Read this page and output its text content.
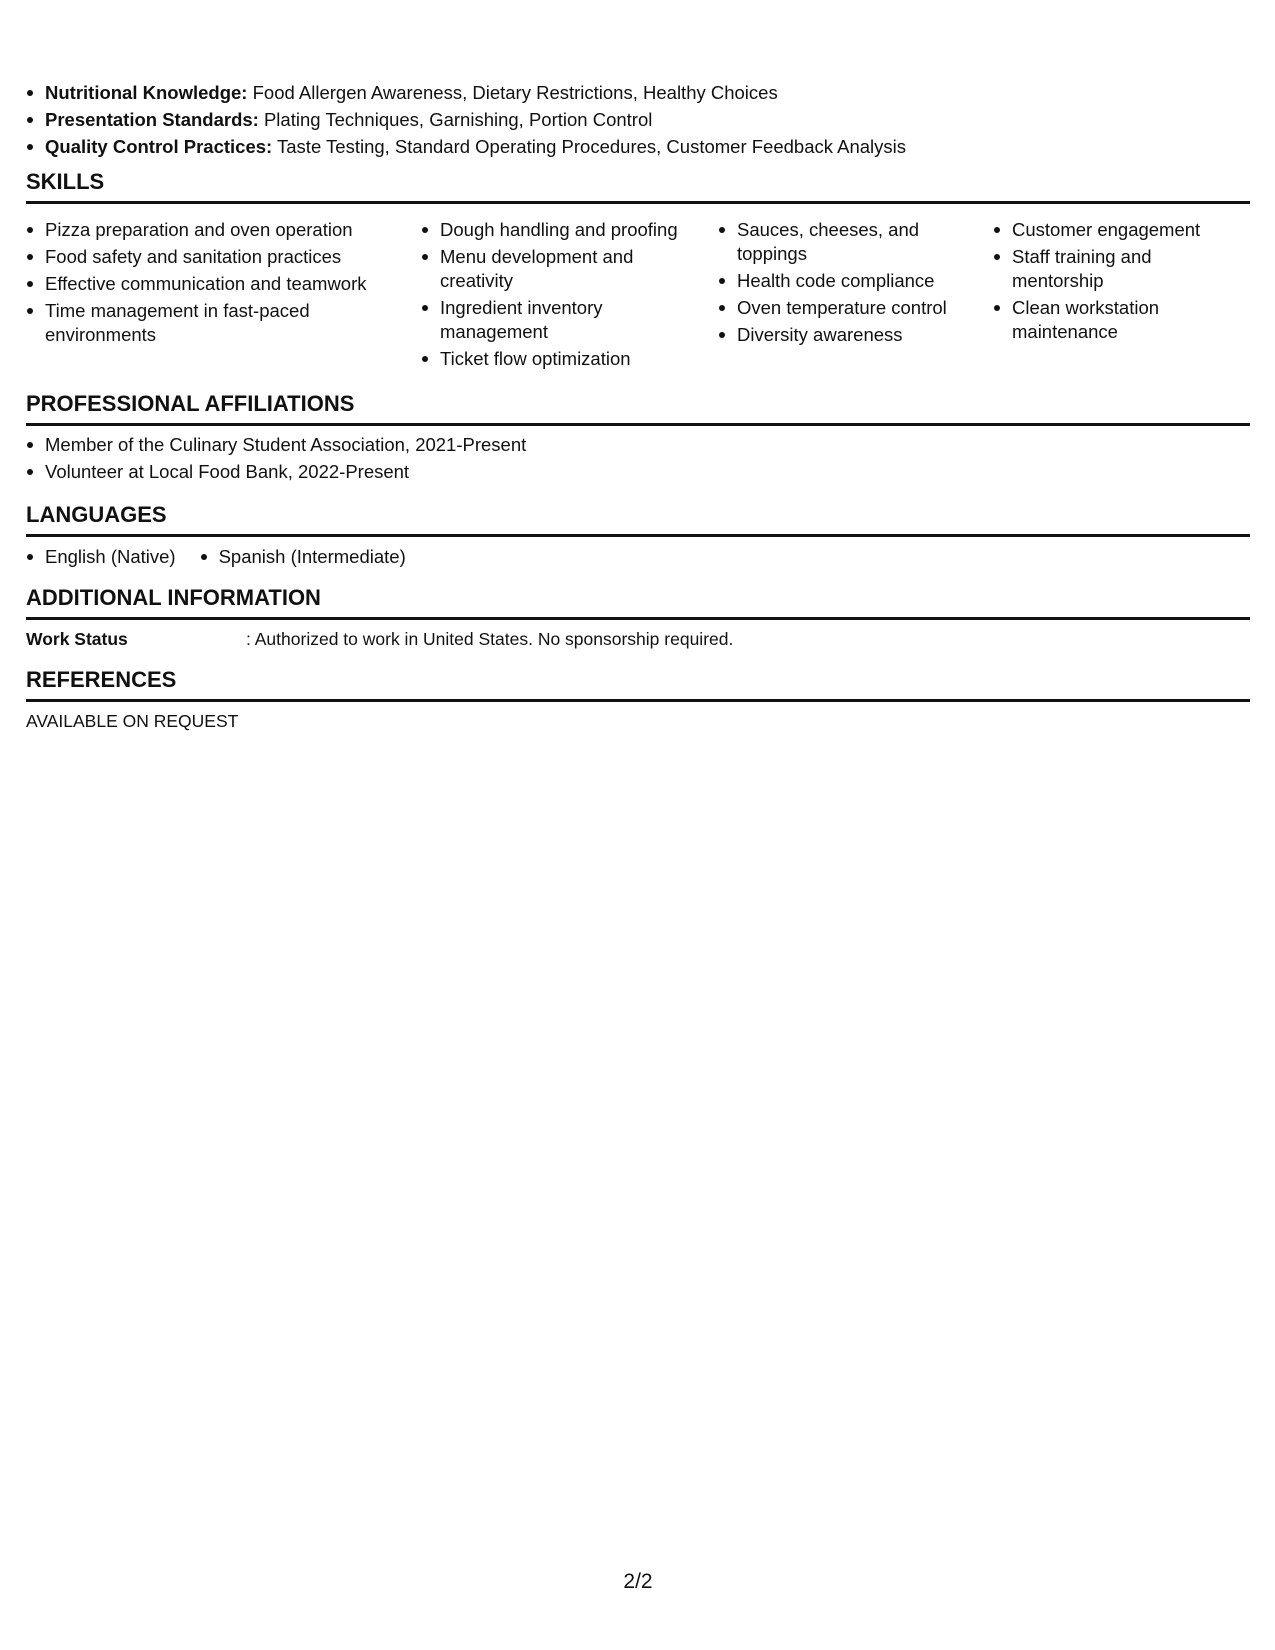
Nutritional Knowledge: Food Allergen Awareness, Dietary Restrictions, Healthy Choices
Presentation Standards: Plating Techniques, Garnishing, Portion Control
Quality Control Practices: Taste Testing, Standard Operating Procedures, Customer Feedback Analysis
SKILLS
Pizza preparation and oven operation
Food safety and sanitation practices
Effective communication and teamwork
Time management in fast-paced environments
Dough handling and proofing
Menu development and creativity
Ingredient inventory management
Ticket flow optimization
Sauces, cheeses, and toppings
Health code compliance
Oven temperature control
Diversity awareness
Customer engagement
Staff training and mentorship
Clean workstation maintenance
PROFESSIONAL AFFILIATIONS
Member of the Culinary Student Association, 2021-Present
Volunteer at Local Food Bank, 2022-Present
LANGUAGES
English (Native)	Spanish (Intermediate)
ADDITIONAL INFORMATION
Work Status	: Authorized to work in United States. No sponsorship required.
REFERENCES
AVAILABLE ON REQUEST
2/2
